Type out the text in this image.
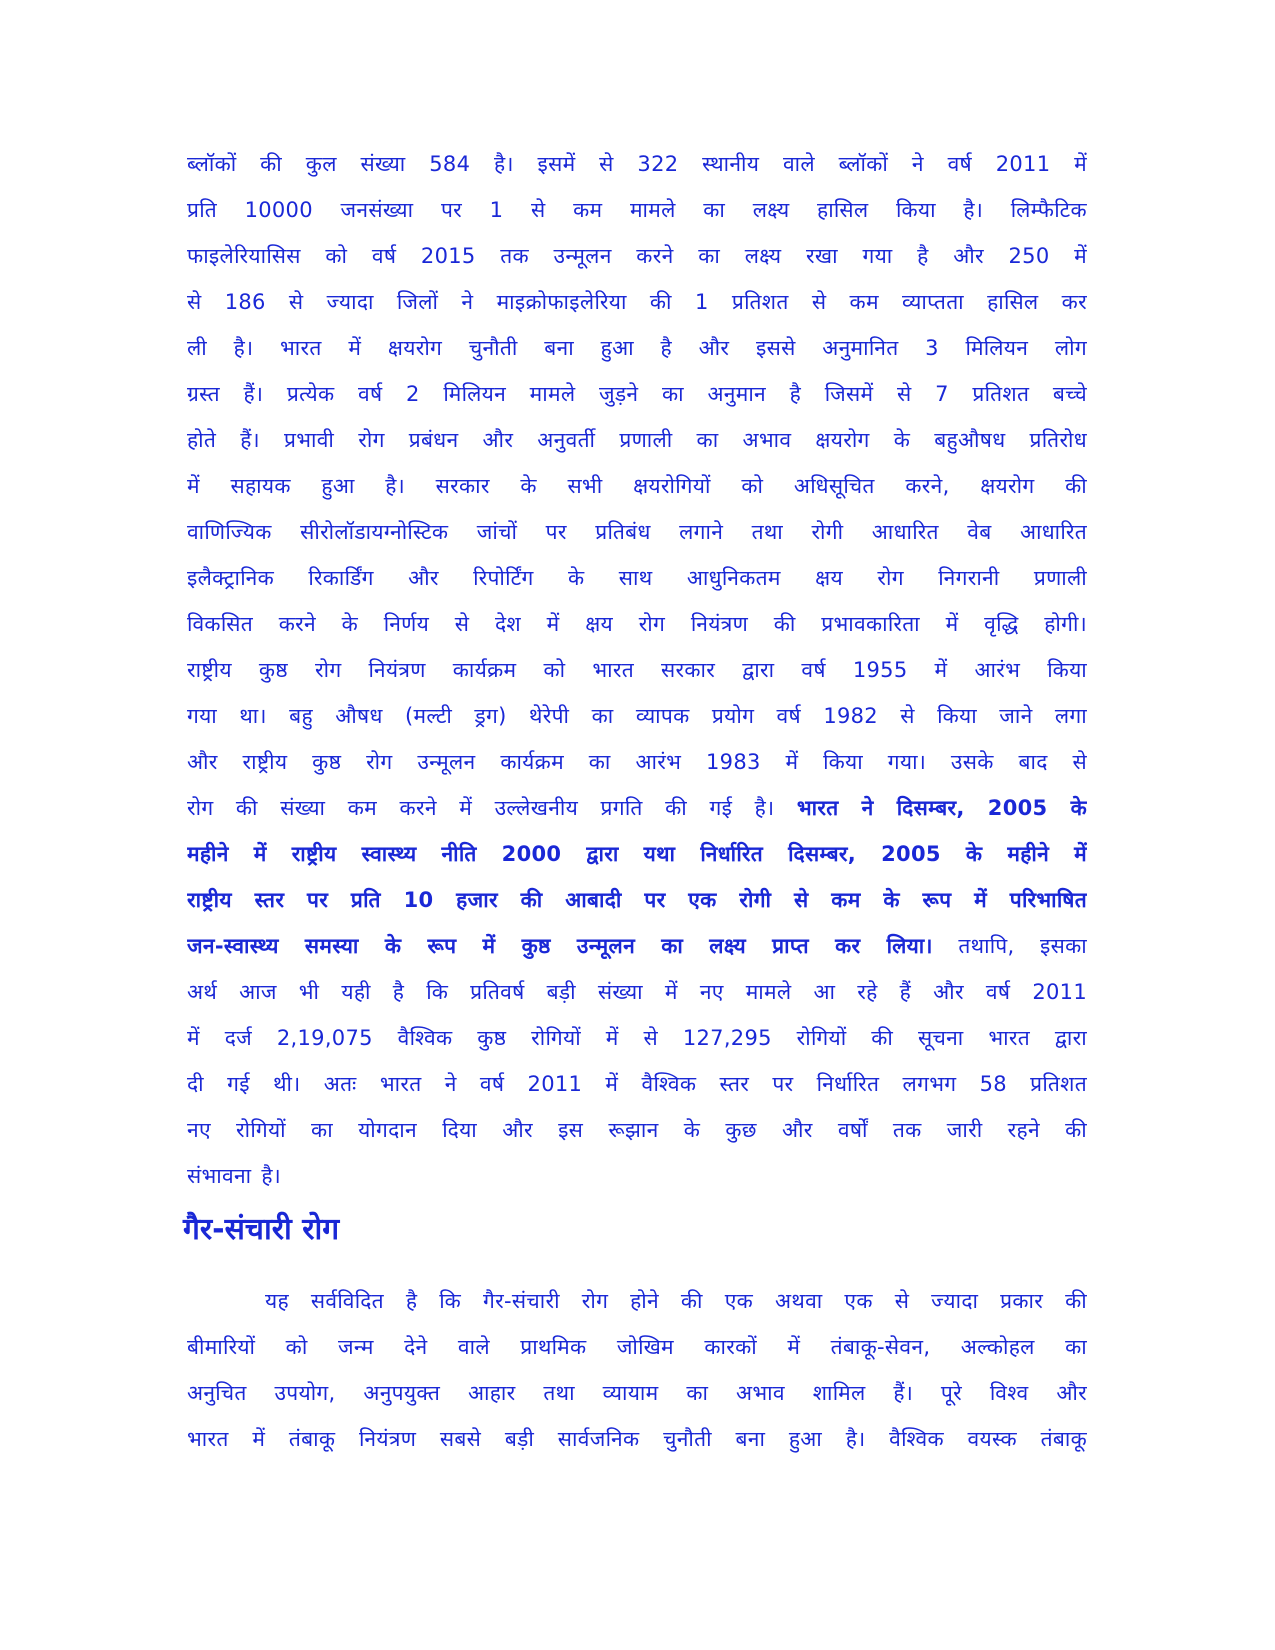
ब्लॉकों की कुल संख्या 584 है। इसमें से 322 स्थानीय वाले ब्लॉकों ने वर्ष 2011 में
प्रति 10000 जनसंख्या पर 1 से कम मामले का लक्ष्य हासिल किया है। लिम्फैटिक
फाइलेरियासिस को वर्ष 2015 तक उन्मूलन करने का लक्ष्य रखा गया है और 250 में
से 186 से ज्यादा जिलों ने माइक्रोफाइलेरिया की 1 प्रतिशत से कम व्याप्तता हासिल कर
ली है। भारत में क्षयरोग चुनौती बना हुआ है और इससे अनुमानित 3 मिलियन लोग
ग्रस्त हैं। प्रत्येक वर्ष 2 मिलियन मामले जुड़ने का अनुमान है जिसमें से 7 प्रतिशत बच्चे
होते हैं। प्रभावी रोग प्रबंधन और अनुवर्ती प्रणाली का अभाव क्षयरोग के बहुऔषध प्रतिरोध
में सहायक हुआ है। सरकार के सभी क्षयरोगियों को अधिसूचित करने, क्षयरोग की
वाणिज्यिक सीरोलॉडायग्नोस्टिक जांचों पर प्रतिबंध लगाने तथा रोगी आधारित वेब आधारित
इलैक्ट्रानिक रिकार्डिंग और रिपोर्टिंग के साथ आधुनिकतम क्षय रोग निगरानी प्रणाली
विकसित करने के निर्णय से देश में क्षय रोग नियंत्रण की प्रभावकारिता में वृद्धि होगी।
राष्ट्रीय कुष्ठ रोग नियंत्रण कार्यक्रम को भारत सरकार द्वारा वर्ष 1955 में आरंभ किया
गया था। बहु औषध (मल्टी ड्रग) थेरेपी का व्यापक प्रयोग वर्ष 1982 से किया जाने लगा
और राष्ट्रीय कुष्ठ रोग उन्मूलन कार्यक्रम का आरंभ 1983 में किया गया। उसके बाद से
रोग की संख्या कम करने में उल्लेखनीय प्रगति की गई है। भारत ने दिसम्बर, 2005 के
महीने में राष्ट्रीय स्वास्थ्य नीति 2000 द्वारा यथा निर्धारित दिसम्बर, 2005 के महीने में
राष्ट्रीय स्तर पर प्रति 10 हजार की आबादी पर एक रोगी से कम के रूप में परिभाषित
जन-स्वास्थ्य समस्या के रूप में कुष्ठ उन्मूलन का लक्ष्य प्राप्त कर लिया। तथापि, इसका
अर्थ आज भी यही है कि प्रतिवर्ष बड़ी संख्या में नए मामले आ रहे हैं और वर्ष 2011
में दर्ज 2,19,075 वैश्विक कुष्ठ रोगियों में से 127,295 रोगियों की सूचना भारत द्वारा
दी गई थी। अतः भारत ने वर्ष 2011 में वैश्विक स्तर पर निर्धारित लगभग 58 प्रतिशत
नए रोगियों का योगदान दिया और इस रूझान के कुछ और वर्षों तक जारी रहने की
संभावना है।
गैर-संचारी रोग
यह सर्वविदित है कि गैर-संचारी रोग होने की एक अथवा एक से ज्यादा प्रकार की
बीमारियों को जन्म देने वाले प्राथमिक जोखिम कारकों में तंबाकू-सेवन, अल्कोहल का
अनुचित उपयोग, अनुपयुक्त आहार तथा व्यायाम का अभाव शामिल हैं। पूरे विश्व और
भारत में तंबाकू नियंत्रण सबसे बड़ी सार्वजनिक चुनौती बना हुआ है। वैश्विक वयस्क तंबाकू
